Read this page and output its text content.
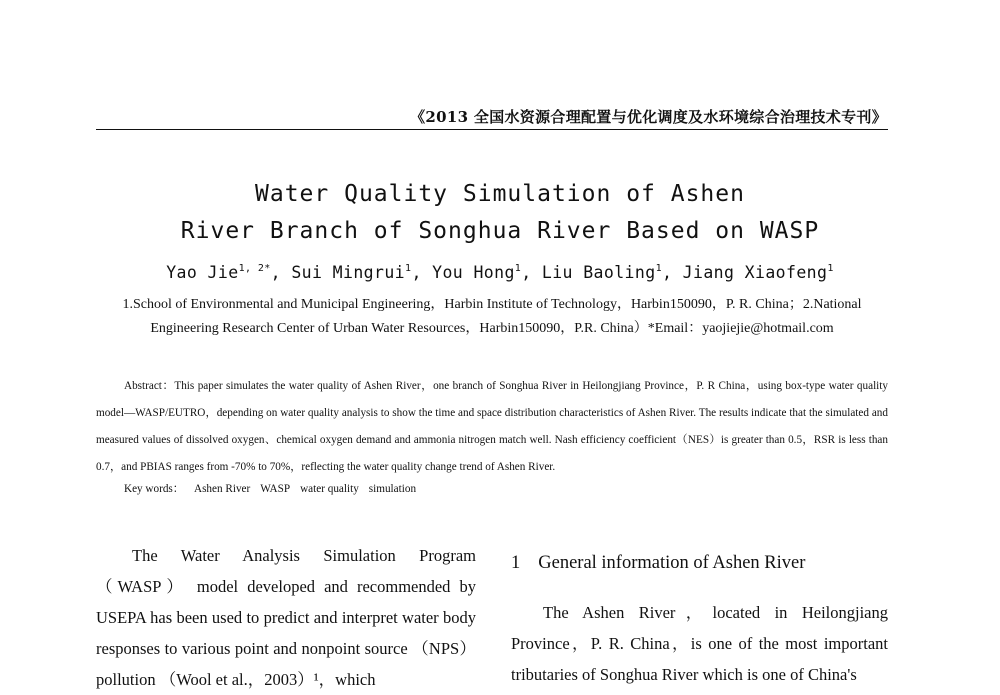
《2013 全国水资源合理配置与优化调度及水环境综合治理技术专刊》
Water Quality Simulation of Ashen
River Branch of Songhua River Based on WASP
Yao Jie$^{1, 2*}$, Sui Mingrui$^1$, You Hong$^1$, Liu Baoling$^1$, Jiang Xiaofeng$^1$
1.School of Environmental and Municipal Engineering，Harbin Institute of Technology，Harbin150090，P. R. China；2.National
Engineering Research Center of Urban Water Resources，Harbin150090，P.R. China）*Email：yaojiejie@hotmail.com

Abstract：This paper simulates the water quality of Ashen River，one branch of Songhua River in Heilongjiang Province，P. R China，using box-type water quality model—WASP/EUTRO，depending on water quality analysis to show the time and space distribution characteristics of Ashen River. The results indicate that the simulated and measured values of dissolved oxygen、chemical oxygen demand and ammonia nitrogen match well. Nash efficiency coefficient（NES）is greater than 0.5，RSR is less than 0.7，and PBIAS ranges from -70% to 70%，reflecting the water quality change trend of Ashen River.

Key words： Ashen River WASP water quality simulation

The Water Analysis Simulation Program （WASP） model developed and recommended by USEPA has been used to predict and interpret water body responses to various point and nonpoint source （NPS） pollution （Wool et al.，2003）¹，which

1 General information of Ashen River

The Ashen River，located in Heilongjiang Province，P. R. China，is one of the most important tributaries of Songhua River which is one of China's
